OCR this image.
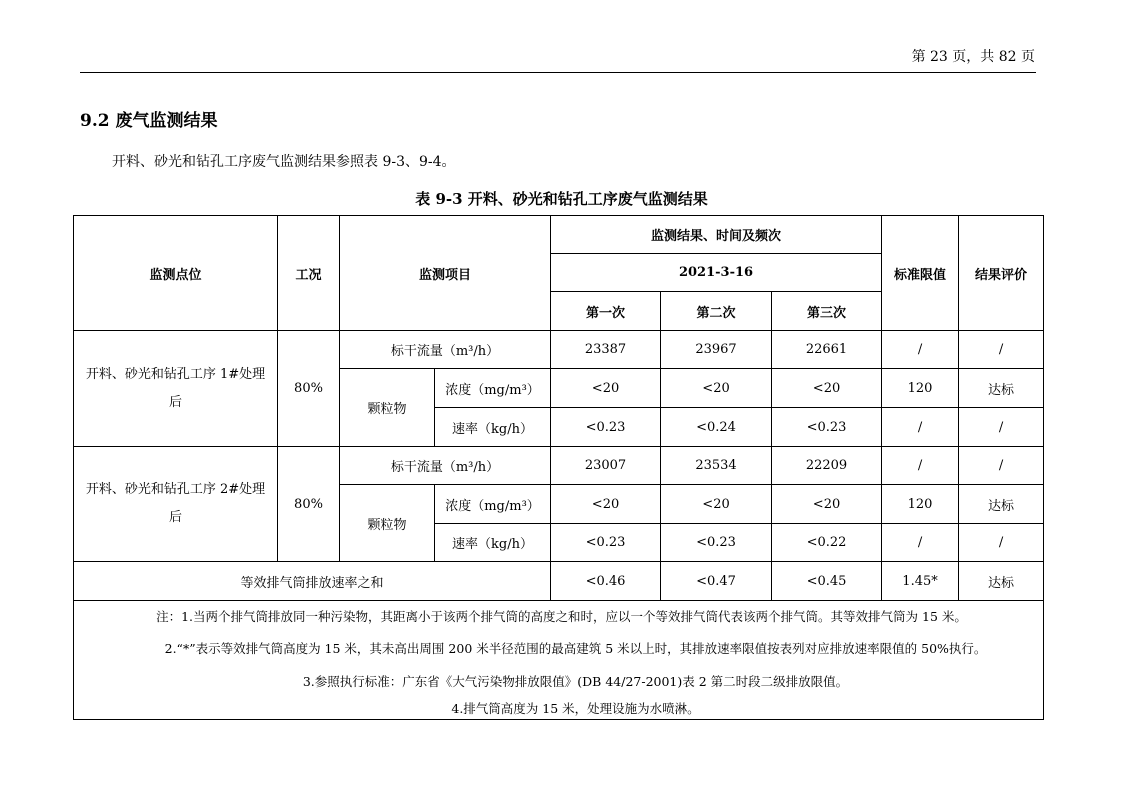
第 23 页，共 82 页
9.2 废气监测结果
开料、砂光和钻孔工序废气监测结果参照表 9-3、9-4。
表 9-3 开料、砂光和钻孔工序废气监测结果
监测点位	工况	监测项目		监测结果、时间及频次			标准限值	结果评价
				2021-3-16				
				第一次	第二次	第三次		
开料、砂光和钻孔工序 1#处理
后	80%	标干流量（m³/h）		23387	23967	22661	/	/
		颗粒物	浓度（mg/m³）	<20	<20	<20	120	达标
			速率（kg/h）	<0.23	<0.24	<0.23	/	/
开料、砂光和钻孔工序 2#处理
后	80%	标干流量（m³/h）		23007	23534	22209	/	/
		颗粒物	浓度（mg/m³）	<20	<20	<20	120	达标
			速率（kg/h）	<0.23	<0.23	<0.22	/	/
等效排气筒排放速率之和				<0.46	<0.47	<0.45	1.45*	达标

注：1.当两个排气筒排放同一种污染物，其距离小于该两个排气筒的高度之和时，应以一个等效排气筒代表该两个排气筒。其等效排气筒为 15 米。
2.“*”表示等效排气筒高度为 15 米，其未高出周围 200 米半径范围的最高建筑 5 米以上时，其排放速率限值按表列对应排放速率限值的 50%执行。
3.参照执行标准：广东省《大气污染物排放限值》(DB 44/27-2001)表 2 第二时段二级排放限值。
4.排气筒高度为 15 米，处理设施为水喷淋。								
